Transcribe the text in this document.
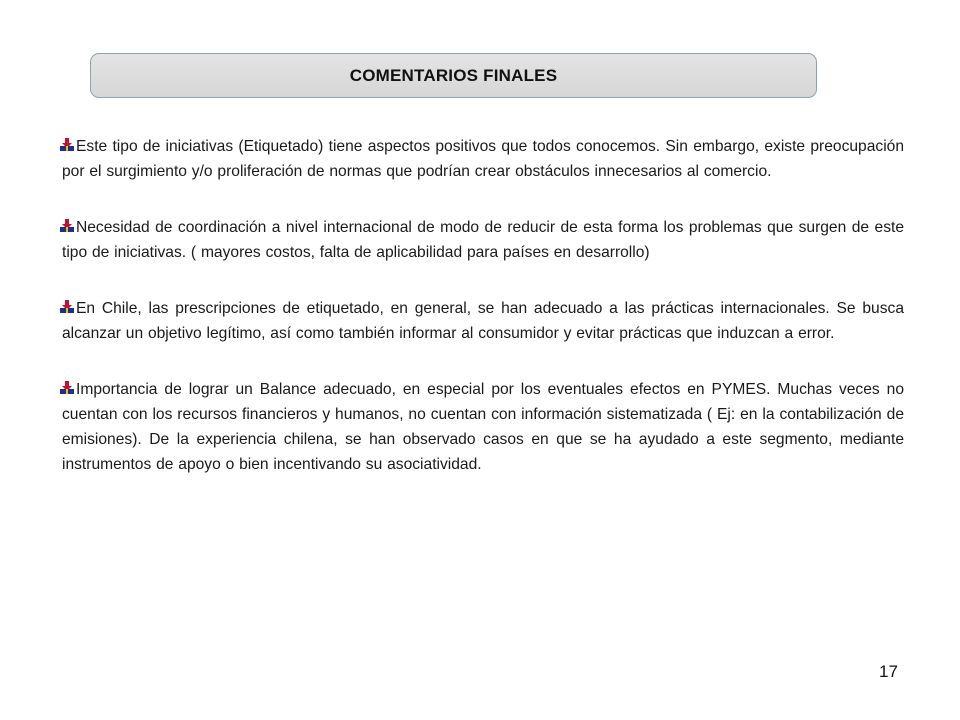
COMENTARIOS FINALES
Este tipo de iniciativas (Etiquetado) tiene aspectos positivos que todos conocemos. Sin embargo, existe preocupación por el surgimiento y/o proliferación de normas que podrían crear obstáculos innecesarios al comercio.
Necesidad de coordinación a nivel internacional de modo de reducir de esta forma los problemas que surgen de este tipo de iniciativas. ( mayores costos, falta de aplicabilidad para países en desarrollo)
En Chile, las prescripciones de etiquetado, en general, se han adecuado a las prácticas internacionales. Se busca alcanzar un objetivo legítimo, así como también informar al consumidor y evitar prácticas que induzcan a error.
Importancia de lograr un Balance adecuado, en especial por los eventuales efectos en PYMES. Muchas veces no cuentan con los recursos financieros y humanos, no cuentan con información sistematizada ( Ej: en la contabilización de emisiones). De la experiencia chilena, se han observado casos en que se ha ayudado a este segmento, mediante instrumentos de apoyo o bien incentivando su asociatividad.
17
